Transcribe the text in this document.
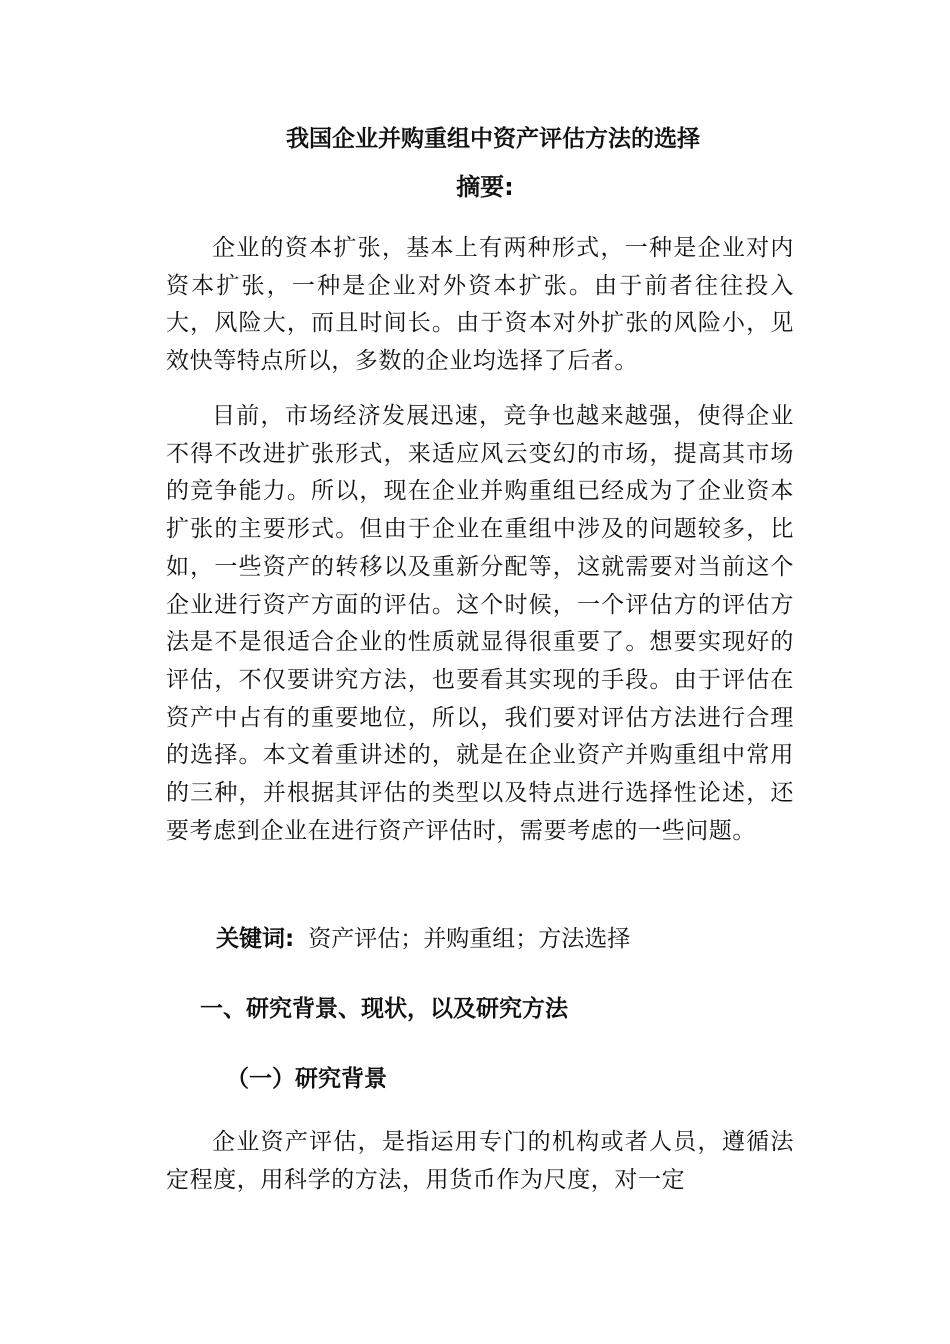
我国企业并购重组中资产评估方法的选择
摘要:

企业的资本扩张，基本上有两种形式，一种是企业对内资本扩张，一种是企业对外资本扩张。由于前者往往投入大，风险大，而且时间长。由于资本对外扩张的风险小，见效快等特点所以，多数的企业均选择了后者。

目前，市场经济发展迅速，竞争也越来越强，使得企业不得不改进扩张形式，来适应风云变幻的市场，提高其市场的竞争能力。所以，现在企业并购重组已经成为了企业资本扩张的主要形式。但由于企业在重组中涉及的问题较多，比如，一些资产的转移以及重新分配等，这就需要对当前这个企业进行资产方面的评估。这个时候，一个评估方的评估方法是不是很适合企业的性质就显得很重要了。想要实现好的评估，不仅要讲究方法，也要看其实现的手段。由于评估在资产中占有的重要地位，所以，我们要对评估方法进行合理的选择。本文着重讲述的，就是在企业资产并购重组中常用的三种，并根据其评估的类型以及特点进行选择性论述，还要考虑到企业在进行资产评估时，需要考虑的一些问题。

关键词: 资产评估；并购重组；方法选择
一、研究背景、现状，以及研究方法
（一）研究背景

企业资产评估，是指运用专门的机构或者人员，遵循法定程度，用科学的方法，用货币作为尺度，对一定
